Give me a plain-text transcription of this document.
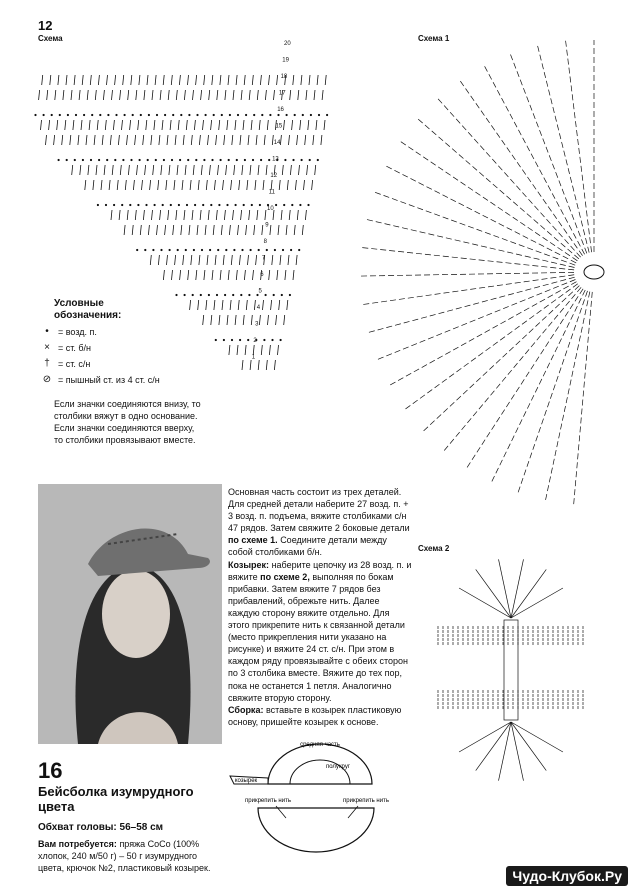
12
Схема	Схема 1
Схема 2
20
19
18
17
16
15
14
13
12
11
10
9
8
7
6
5
4
3
2
1
Условные обозначения:
•	= возд. п.
× = ст. б/н
† = ст. с/н
⊘ = пышный ст. из 4 ст. с/н
Если значки соединяются внизу, то столбики вяжут в одно основание. Если значки соединяются вверху, то столбики провязывают вместе.

Основная часть состоит из трех деталей. Для средней детали наберите 27 возд. п. + 3 возд. п. подъема, вяжите столбиками с/н 47 рядов. Затем свяжите 2 боковые детали по схеме 1. Соедините детали между собой столбиками б/н.

Козырек: наберите цепочку из 28 возд. п. и вяжите по схеме 2, выполняя по бокам прибавки. Затем вяжите 7 рядов без прибавлений, обрежьте нить. Далее каждую сторону вяжите отдельно. Для этого прикрепите нить к связанной детали (место прикрепления нити указано на рисунке) и вяжите 24 ст. с/н. При этом в каждом ряду провязывайте с обеих сторон по 3 столбика вместе. Вяжите до тех пор, пока не останется 1 петля. Аналогично свяжите вторую сторону.

Сборка: вставьте в козырек пластиковую основу, пришейте козырек к основе.

средняя часть
полукруг
козырек
прикрепить нить	прикрепить нить
16
Бейсболка изумрудного цвета
Обхват головы: 56–58 см
Вам потребуется: пряжа CoCo (100% хлопок, 240 м/50 г) – 50 г изумрудного цвета, крючок №2, пластиковый козырек.	Чудо-Клубок.Ру
